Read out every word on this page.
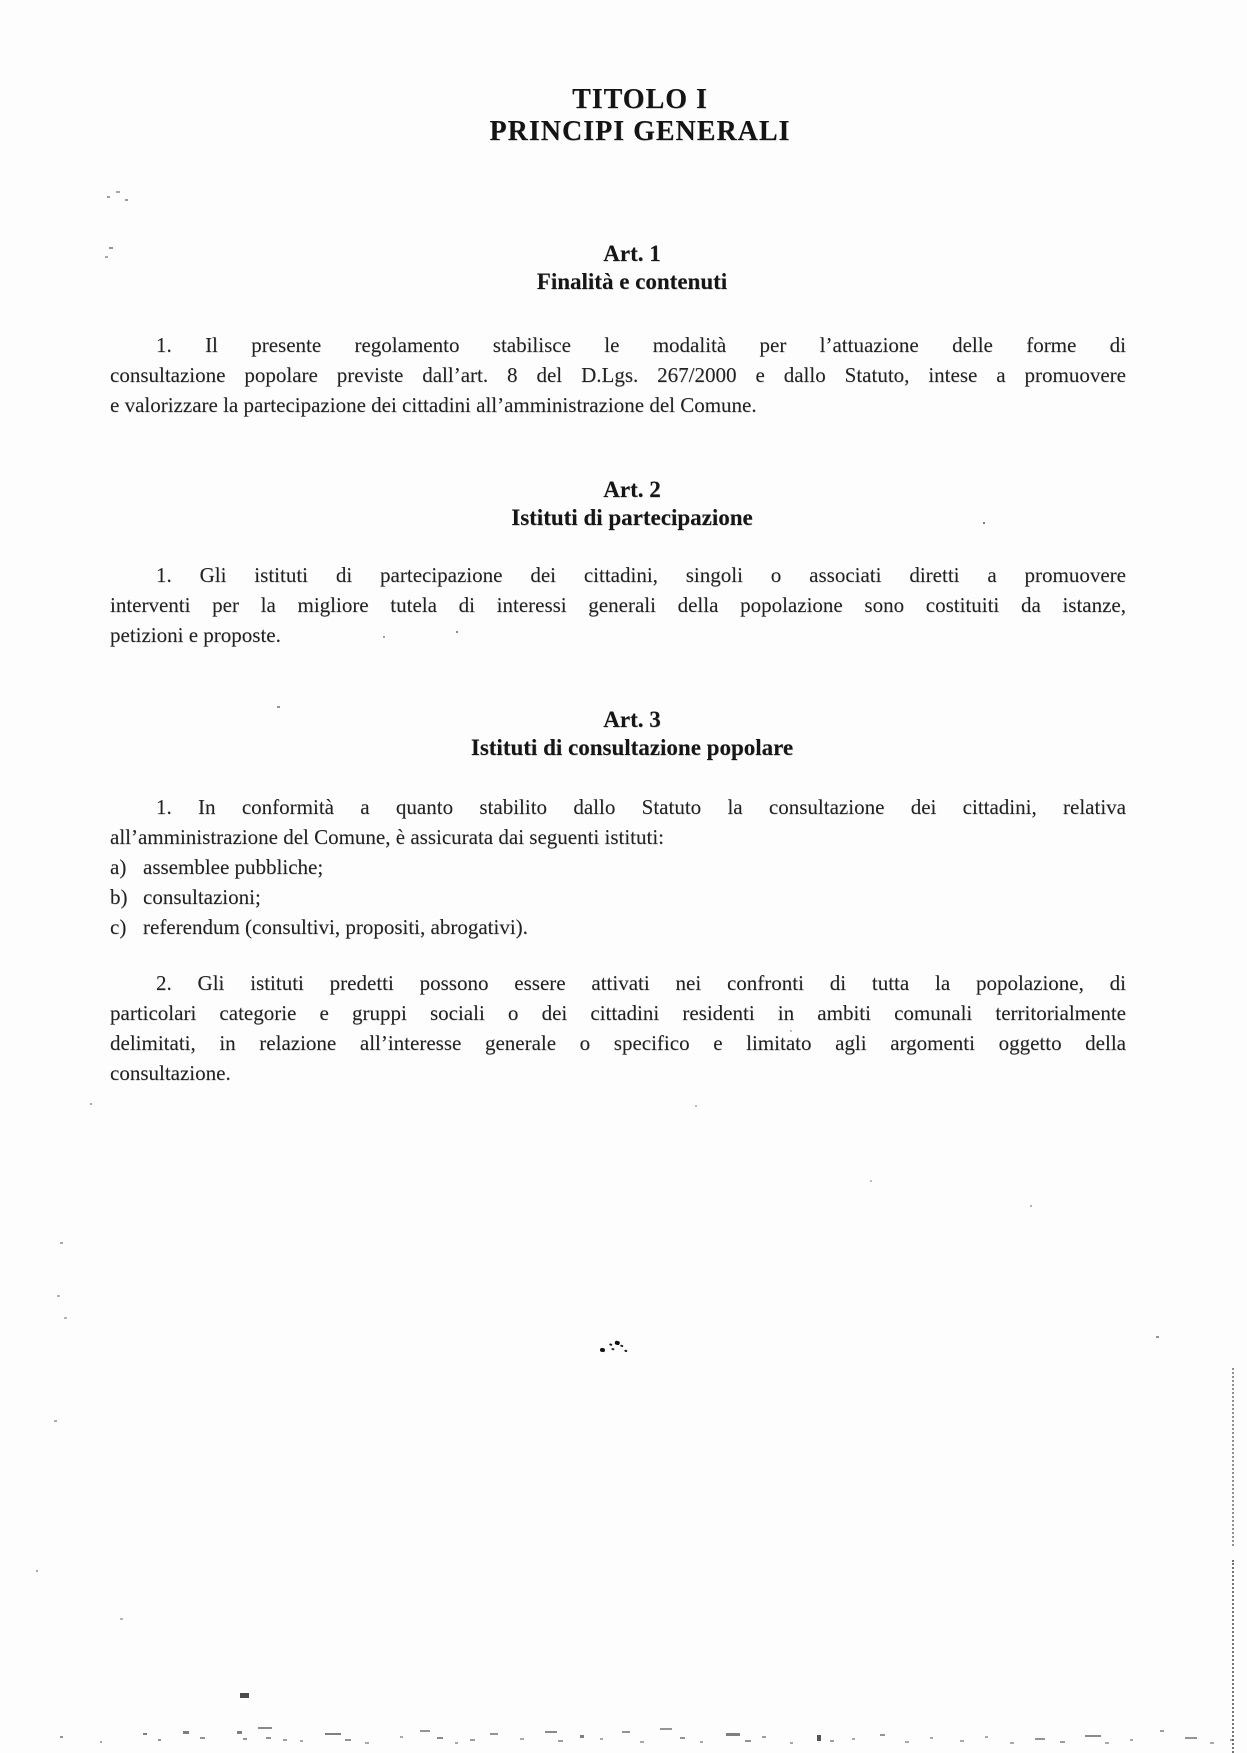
TITOLO I
PRINCIPI GENERALI
Art. 1
Finalità e contenuti
1. Il presente regolamento stabilisce le modalità per l’attuazione delle forme di
consultazione popolare previste dall’art. 8 del D.Lgs. 267/2000 e dallo Statuto, intese a promuovere
e valorizzare la partecipazione dei cittadini all’amministrazione del Comune.
Art. 2
Istituti di partecipazione
1. Gli istituti di partecipazione dei cittadini, singoli o associati diretti a promuovere
interventi per la migliore tutela di interessi generali della popolazione sono costituiti da istanze,
petizioni e proposte.
Art. 3
Istituti di consultazione popolare
1. In conformità a quanto stabilito dallo Statuto la consultazione dei cittadini, relativa
all’amministrazione del Comune, è assicurata dai seguenti istituti:
a) assemblee pubbliche;
b) consultazioni;
c) referendum (consultivi, propositi, abrogativi).
2. Gli istituti predetti possono essere attivati nei confronti di tutta la popolazione, di
particolari categorie e gruppi sociali o dei cittadini residenti in ambiti comunali territorialmente
delimitati, in relazione all’interesse generale o specifico e limitato agli argomenti oggetto della
consultazione.
